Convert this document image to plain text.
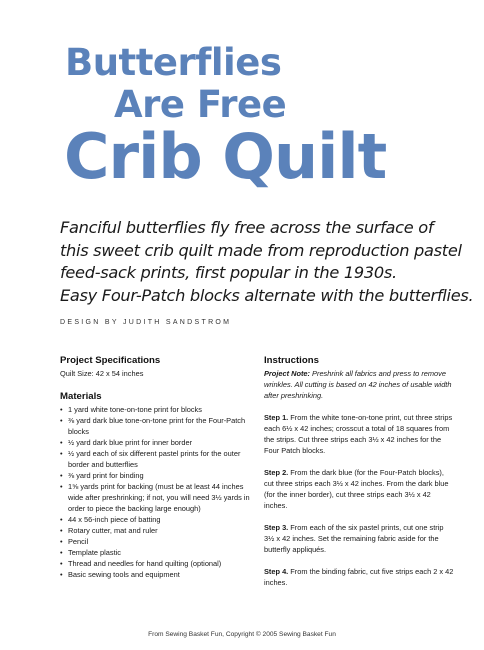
Butterflies
Are Free
Crib Quilt
Fanciful butterflies fly free across the surface of
this sweet crib quilt made from reproduction pastel
feed-sack prints, first popular in the 1930s.
Easy Four-Patch blocks alternate with the butterflies.
DESIGN BY JUDITH SANDSTROM
Project Specifications
Quilt Size: 42 x 54 inches
Materials
• 1 yard white tone-on-tone print for blocks
• ⅜ yard dark blue tone-on-tone print for the Four-Patch blocks
• ½ yard dark blue print for inner border
• ½ yard each of six different pastel prints for the outer border and butterflies
• ⅜ yard print for binding
• 1⅝ yards print for backing (must be at least 44 inches wide after preshrinking; if not, you will need 3½ yards in order to piece the backing large enough)
• 44 x 56-inch piece of batting
• Rotary cutter, mat and ruler
• Pencil
• Template plastic
• Thread and needles for hand quilting (optional)
• Basic sewing tools and equipment
Instructions
Project Note: Preshrink all fabrics and press to remove wrinkles. All cutting is based on 42 inches of usable width after preshrinking.
Step 1. From the white tone-on-tone print, cut three strips each 6½ x 42 inches; crosscut a total of 18 squares from the strips. Cut three strips each 3½ x 42 inches for the Four Patch blocks.
Step 2. From the dark blue (for the Four-Patch blocks), cut three strips each 3½ x 42 inches. From the dark blue (for the inner border), cut three strips each 3½ x 42 inches.
Step 3. From each of the six pastel prints, cut one strip 3½ x 42 inches. Set the remaining fabric aside for the butterfly appliqués.
Step 4. From the binding fabric, cut five strips each 2 x 42 inches.
From Sewing Basket Fun, Copyright © 2005 Sewing Basket Fun
